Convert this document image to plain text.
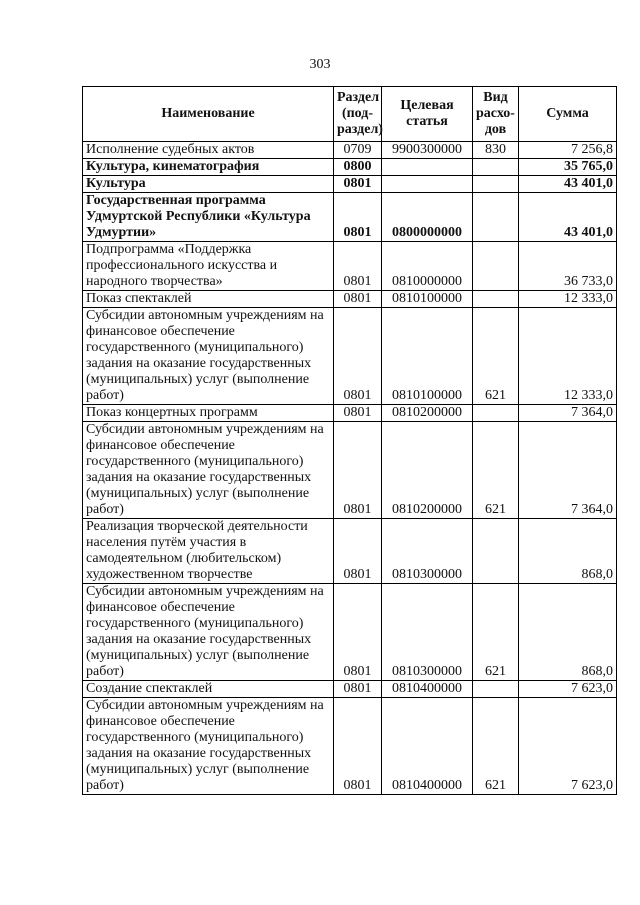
303
Наименование	Раздел (под- раздел)	Целевая статья	Вид расхо- дов	Сумма
Исполнение судебных актов	0709	9900300000	830	7 256,8
Культура, кинематография	0800			35 765,0
Культура	0801			43 401,0
Государственная программа Удмуртской Республики «Культура Удмуртии»	0801	0800000000		43 401,0
Подпрограмма «Поддержка профессионального искусства и народного творчества»	0801	0810000000		36 733,0
Показ спектаклей	0801	0810100000		12 333,0
Субсидии автономным учреждениям на финансовое обеспечение государственного (муниципального) задания на оказание государственных (муниципальных) услуг (выполнение работ)	0801	0810100000	621	12 333,0
Показ концертных программ	0801	0810200000		7 364,0
Субсидии автономным учреждениям на финансовое обеспечение государственного (муниципального) задания на оказание государственных (муниципальных) услуг (выполнение работ)	0801	0810200000	621	7 364,0
Реализация творческой деятельности населения путём участия в самодеятельном (любительском) художественном творчестве	0801	0810300000		868,0
Субсидии автономным учреждениям на финансовое обеспечение государственного (муниципального) задания на оказание государственных (муниципальных) услуг (выполнение работ)	0801	0810300000	621	868,0
Создание спектаклей	0801	0810400000		7 623,0
Субсидии автономным учреждениям на финансовое обеспечение государственного (муниципального) задания на оказание государственных (муниципальных) услуг (выполнение работ)	0801	0810400000	621	7 623,0
